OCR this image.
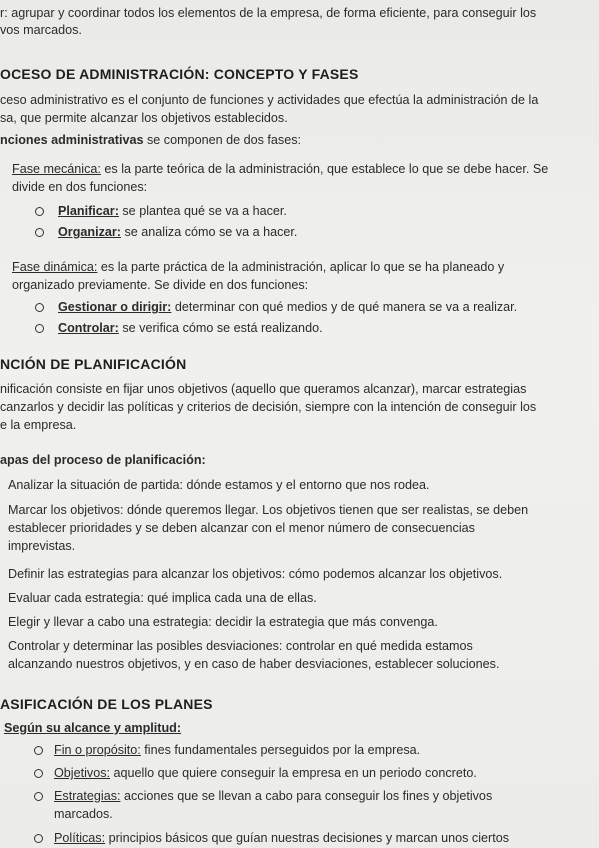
r: agrupar y coordinar todos los elementos de la empresa, de forma eficiente, para conseguir los
vos marcados.
OCESO DE ADMINISTRACIÓN: CONCEPTO Y FASES
ceso administrativo es el conjunto de funciones y actividades que efectúa la administración de la
sa, que permite alcanzar los objetivos establecidos.
nciones administrativas se componen de dos fases:
Fase mecánica: es la parte teórica de la administración, que establece lo que se debe hacer. Se
divide en dos funciones:
Planificar: se plantea qué se va a hacer.
Organizar: se analiza cómo se va a hacer.
Fase dinámica: es la parte práctica de la administración, aplicar lo que se ha planeado y
organizado previamente. Se divide en dos funciones:
Gestionar o dirigir: determinar con qué medios y de qué manera se va a realizar.
Controlar: se verifica cómo se está realizando.
NCIÓN DE PLANIFICACIÓN
nificación consiste en fijar unos objetivos (aquello que queramos alcanzar), marcar estrategias
canzarlos y decidir las políticas y criterios de decisión, siempre con la intención de conseguir los
e la empresa.
apas del proceso de planificación:
Analizar la situación de partida: dónde estamos y el entorno que nos rodea.
Marcar los objetivos: dónde queremos llegar. Los objetivos tienen que ser realistas, se deben
establecer prioridades y se deben alcanzar con el menor número de consecuencias
imprevistas.
Definir las estrategias para alcanzar los objetivos: cómo podemos alcanzar los objetivos.
Evaluar cada estrategia: qué implica cada una de ellas.
Elegir y llevar a cabo una estrategia: decidir la estrategia que más convenga.
Controlar y determinar las posibles desviaciones: controlar en qué medida estamos
alcanzando nuestros objetivos, y en caso de haber desviaciones, establecer soluciones.
ASIFICACIÓN DE LOS PLANES
Según su alcance y amplitud:
Fin o propósito: fines fundamentales perseguidos por la empresa.
Objetivos: aquello que quiere conseguir la empresa en un periodo concreto.
Estrategias: acciones que se llevan a cabo para conseguir los fines y objetivos
marcados.
Políticas: principios básicos que guían nuestras decisiones y marcan unos ciertos
